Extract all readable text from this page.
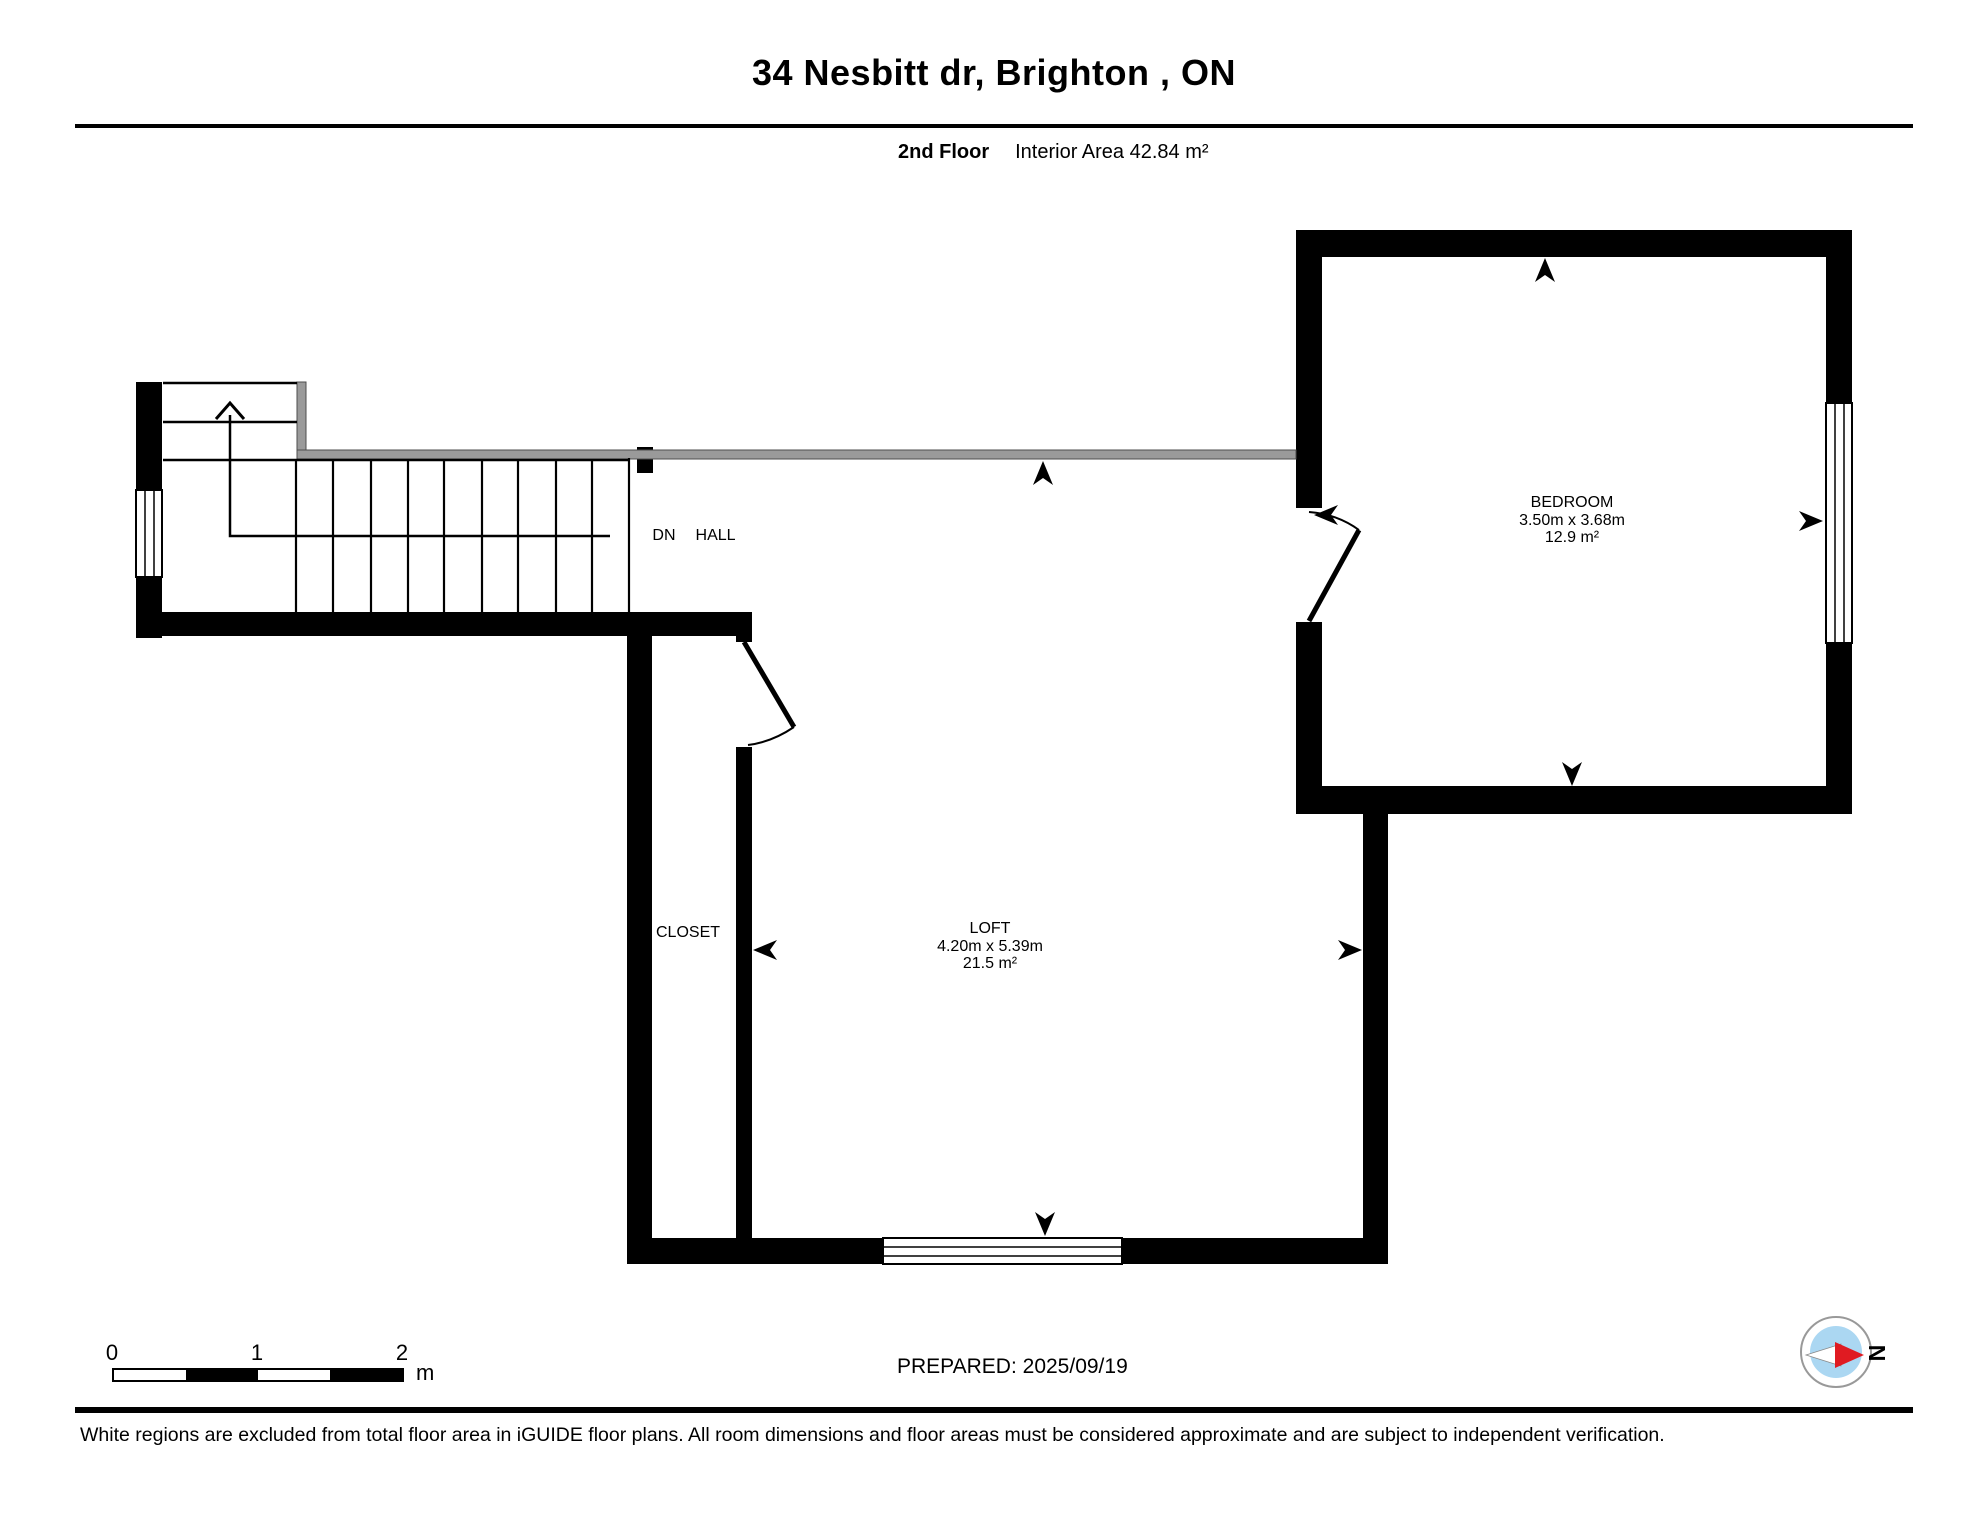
34 Nesbitt dr, Brighton , ON
2nd Floor Interior Area 42.84 m²
DN HALL
CLOSET	LOFT
4.20m x 5.39m
21.5 m²
BEDROOM
3.50m x 3.68m
12.9 m²
0	1	2
m	PREPARED: 2025/09/19
N
White regions are excluded from total floor area in iGUIDE floor plans. All room dimensions and floor areas must be considered approximate and are subject to independent verification.
